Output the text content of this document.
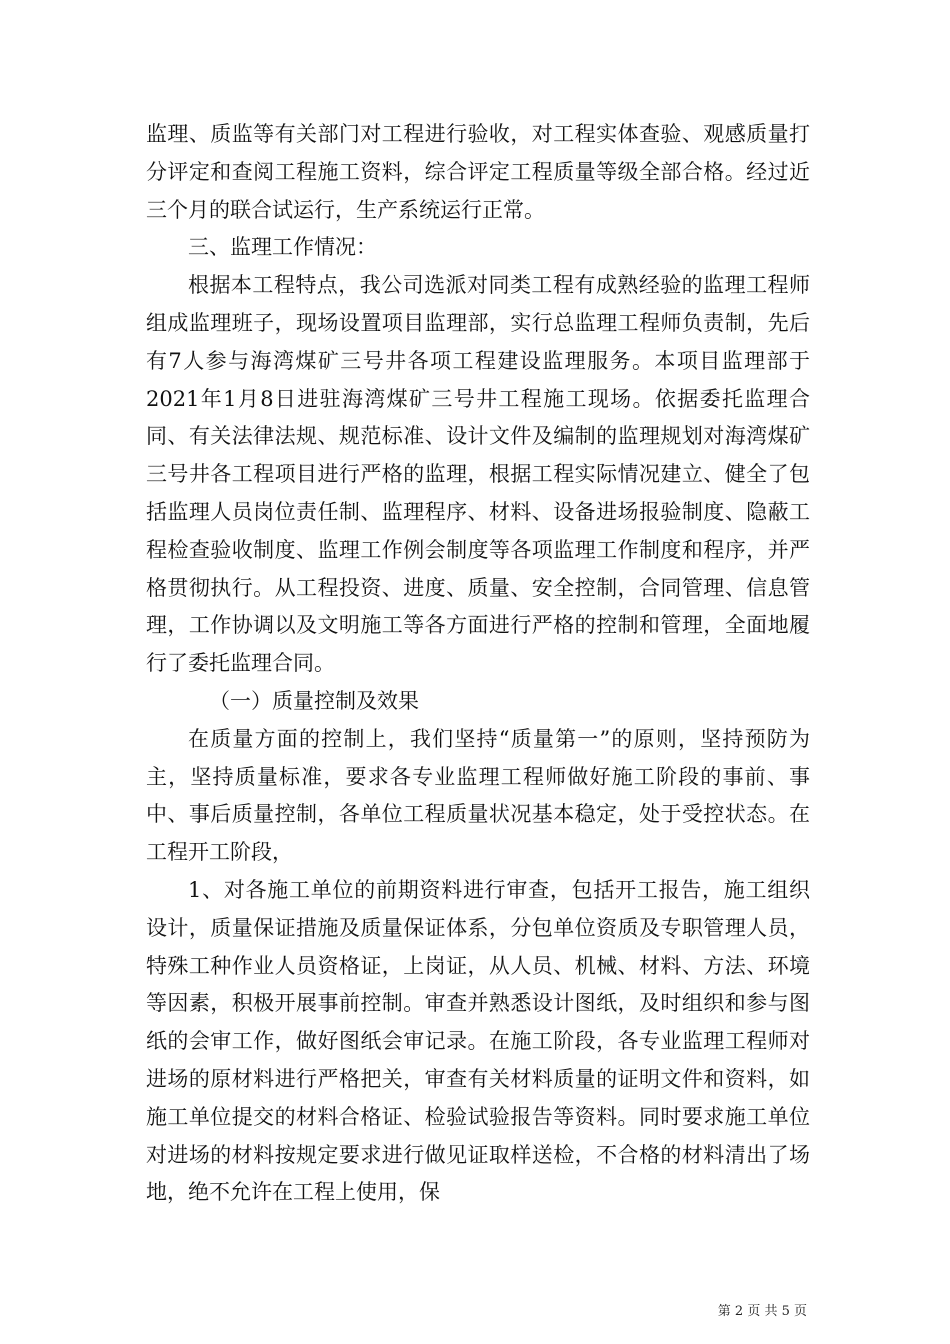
监理、质监等有关部门对工程进行验收，对工程实体查验、观感质量打分评定和查阅工程施工资料，综合评定工程质量等级全部合格。经过近三个月的联合试运行，生产系统运行正常。

三、监理工作情况：

根据本工程特点，我公司选派对同类工程有成熟经验的监理工程师组成监理班子，现场设置项目监理部，实行总监理工程师负责制，先后有7人参与海湾煤矿三号井各项工程建设监理服务。本项目监理部于2021年1月8日进驻海湾煤矿三号井工程施工现场。依据委托监理合同、有关法律法规、规范标准、设计文件及编制的监理规划对海湾煤矿三号井各工程项目进行严格的监理，根据工程实际情况建立、健全了包括监理人员岗位责任制、监理程序、材料、设备进场报验制度、隐蔽工程检查验收制度、监理工作例会制度等各项监理工作制度和程序，并严格贯彻执行。从工程投资、进度、质量、安全控制，合同管理、信息管理，工作协调以及文明施工等各方面进行严格的控制和管理，全面地履行了委托监理合同。

（一）质量控制及效果

在质量方面的控制上，我们坚持“质量第一”的原则，坚持预防为主，坚持质量标准，要求各专业监理工程师做好施工阶段的事前、事中、事后质量控制，各单位工程质量状况基本稳定，处于受控状态。在工程开工阶段，

1、对各施工单位的前期资料进行审查，包括开工报告，施工组织设计，质量保证措施及质量保证体系，分包单位资质及专职管理人员，特殊工种作业人员资格证，上岗证，从人员、机械、材料、方法、环境等因素，积极开展事前控制。审查并熟悉设计图纸，及时组织和参与图纸的会审工作，做好图纸会审记录。在施工阶段，各专业监理工程师对进场的原材料进行严格把关，审查有关材料质量的证明文件和资料，如施工单位提交的材料合格证、检验试验报告等资料。同时要求施工单位对进场的材料按规定要求进行做见证取样送检，不合格的材料清出了场地，绝不允许在工程上使用，保

第 2 页 共 5 页
